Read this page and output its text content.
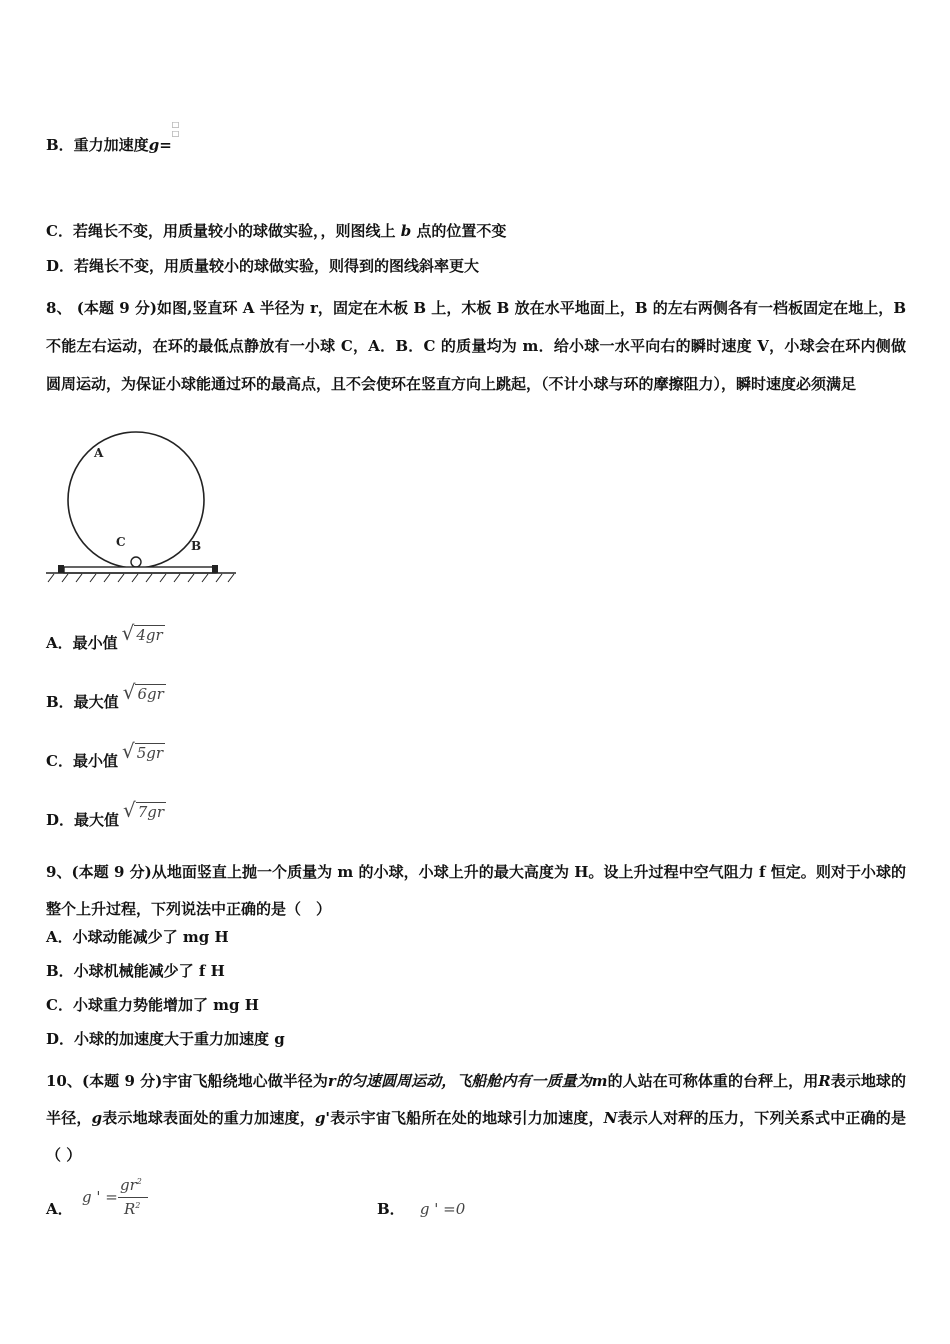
B．重力加速度g=□
□
C．若绳长不变，用质量较小的球做实验，，则图线上 b 点的位置不变
D．若绳长不变，用质量较小的球做实验，则得到的图线斜率更大
8、 (本题 9 分)如图,竖直环 A 半径为 r，固定在木板 B 上，木板 B 放在水平地面上，B 的左右两侧各有一档板固定在地上，B 不能左右运动，在环的最低点静放有一小球 C，A．B．C 的质量均为 m．给小球一水平向右的瞬时速度 V，小球会在环内侧做圆周运动，为保证小球能通过环的最高点，且不会使环在竖直方向上跳起，（不计小球与环的摩擦阻力），瞬时速度必须满足
A
B
C
A．最小值 √ 4gr
B．最大值 √ 6gr
C．最小值 √ 5gr
D．最大值 √ 7gr
9、(本题 9 分)从地面竖直上抛一个质量为 m 的小球，小球上升的最大高度为 H。设上升过程中空气阻力 f 恒定。则对于小球的整个上升过程，下列说法中正确的是（　）
A．小球动能减少了 mg H
B．小球机械能减少了 f H
C．小球重力势能增加了 mg H
D．小球的加速度大于重力加速度 g
10、(本题 9 分)宇宙飞船绕地心做半径为r的匀速圆周运动，飞船舱内有一质量为m的人站在可称体重的台秤上，用R表示地球的半径，g表示地球表面处的重力加速度，g'表示宇宙飞船所在处的地球引力加速度，N表示人对秤的压力，下列关系式中正确的是 （ ）
A．
g ' =
$gr^2$
$R^2$	B． g ' =0
